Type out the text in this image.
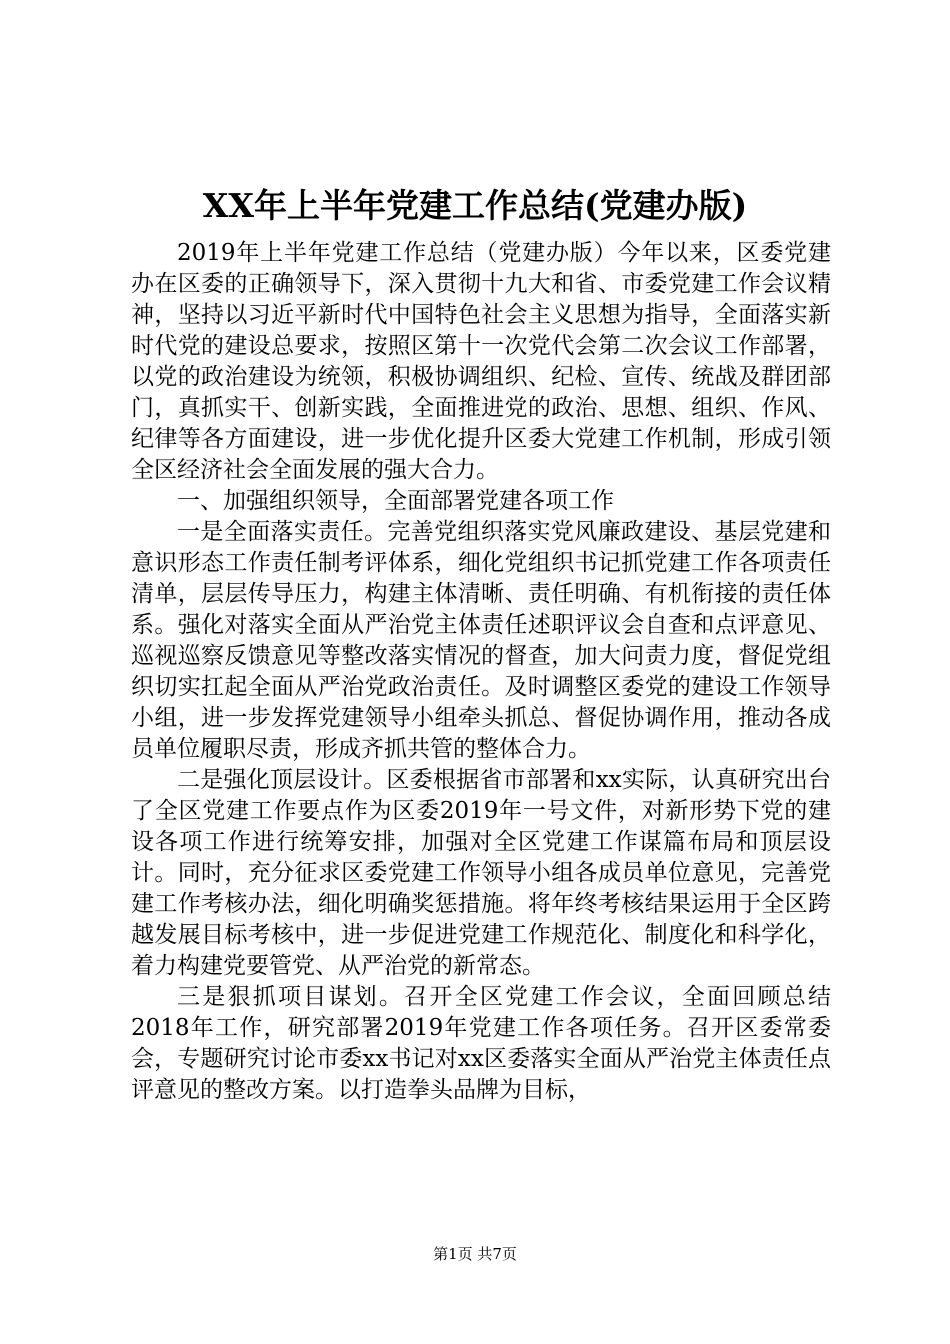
XX年上半年党建工作总结(党建办版)

2019年上半年党建工作总结（党建办版）今年以来，区委党建办在区委的正确领导下，深入贯彻十九大和省、市委党建工作会议精神，坚持以习近平新时代中国特色社会主义思想为指导，全面落实新时代党的建设总要求，按照区第十一次党代会第二次会议工作部署，以党的政治建设为统领，积极协调组织、纪检、宣传、统战及群团部门，真抓实干、创新实践，全面推进党的政治、思想、组织、作风、纪律等各方面建设，进一步优化提升区委大党建工作机制，形成引领全区经济社会全面发展的强大合力。

一、加强组织领导，全面部署党建各项工作

一是全面落实责任。完善党组织落实党风廉政建设、基层党建和意识形态工作责任制考评体系，细化党组织书记抓党建工作各项责任清单，层层传导压力，构建主体清晰、责任明确、有机衔接的责任体系。强化对落实全面从严治党主体责任述职评议会自查和点评意见、巡视巡察反馈意见等整改落实情况的督查，加大问责力度，督促党组织切实扛起全面从严治党政治责任。及时调整区委党的建设工作领导小组，进一步发挥党建领导小组牵头抓总、督促协调作用，推动各成员单位履职尽责，形成齐抓共管的整体合力。

二是强化顶层设计。区委根据省市部署和xx实际，认真研究出台了全区党建工作要点作为区委2019年一号文件，对新形势下党的建设各项工作进行统筹安排，加强对全区党建工作谋篇布局和顶层设计。同时，充分征求区委党建工作领导小组各成员单位意见，完善党建工作考核办法，细化明确奖惩措施。将年终考核结果运用于全区跨越发展目标考核中，进一步促进党建工作规范化、制度化和科学化，着力构建党要管党、从严治党的新常态。

三是狠抓项目谋划。召开全区党建工作会议，全面回顾总结2018年工作，研究部署2019年党建工作各项任务。召开区委常委会，专题研究讨论市委xx书记对xx区委落实全面从严治党主体责任点评意见的整改方案。以打造拳头品牌为目标，

第1页 共7页
